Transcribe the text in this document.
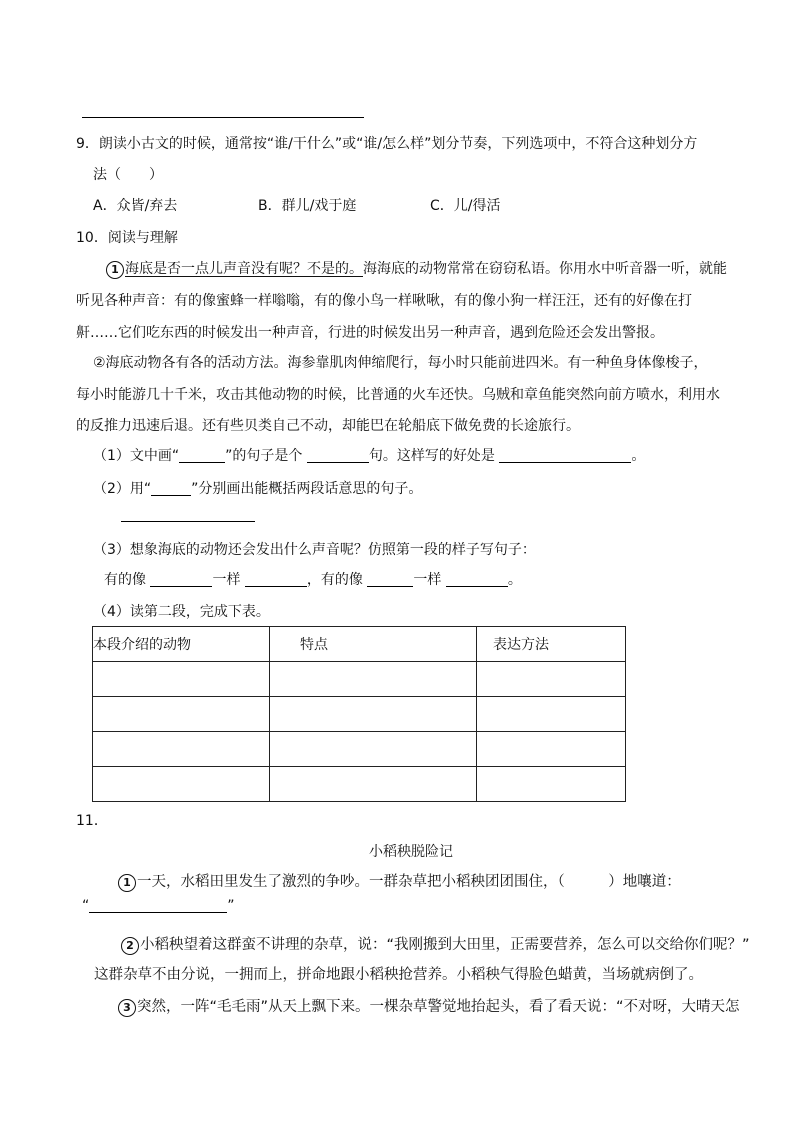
9．朗读小古文的时候，通常按“谁/干什么”或“谁/怎么样”划分节奏，下列选项中，不符合这种划分方
法（　　）
A．众皆/弃去	B．群儿/戏于庭	C．儿/得活
10．阅读与理解
1 海底是否一点儿声音没有呢？不是的。海海底的动物常常在窃窃私语。你用水中听音器一听，就能
听见各种声音：有的像蜜蜂一样嗡嗡，有的像小鸟一样啾啾，有的像小狗一样汪汪，还有的好像在打
鼾……它们吃东西的时候发出一种声音，行进的时候发出另一种声音，遇到危险还会发出警报。
②海底动物各有各的活动方法。海参靠肌肉伸缩爬行，每小时只能前进四米。有一种鱼身体像梭子，
每小时能游几十千米，攻击其他动物的时候，比普通的火车还快。乌贼和章鱼能突然向前方喷水，利用水
的反推力迅速后退。还有些贝类自己不动，却能巴在轮船底下做免费的长途旅行。
（1）文中画“	”的句子是个	句。这样写的好处是	。
（2）用“	”分别画出能概括两段话意思的句子。
（3）想象海底的动物还会发出什么声音呢？仿照第一段的样子写句子：
有的像	一样	，有的像	一样	。
（4）读第二段，完成下表。
本段介绍的动物	特点	表达方法

11．
小稻秧脱险记
1 一天，水稻田里发生了激烈的争吵。一群杂草把小稻秧团团围住，（　　　）地嚷道：
“	”
2 小稻秧望着这群蛮不讲理的杂草，说：“我刚搬到大田里，正需要营养，怎么可以交给你们呢？”
这群杂草不由分说，一拥而上，拼命地跟小稻秧抢营养。小稻秧气得脸色蜡黄，当场就病倒了。
3 突然，一阵“毛毛雨”从天上飘下来。一棵杂草警觉地抬起头，看了看天说：“不对呀，大晴天怎
